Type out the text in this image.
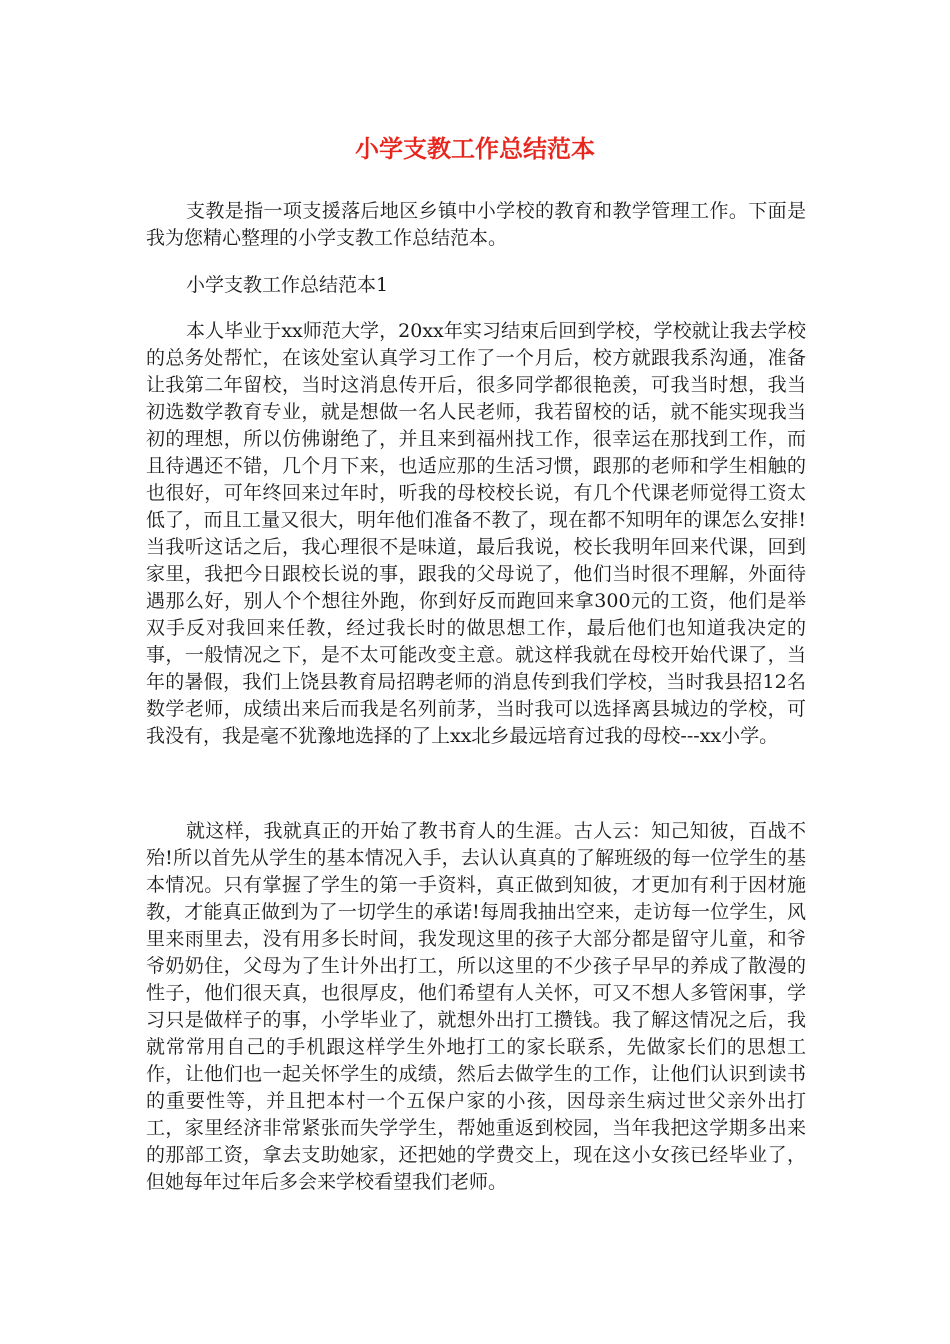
小学支教工作总结范本

支教是指一项支援落后地区乡镇中小学校的教育和教学管理工作。下面是我为您精心整理的小学支教工作总结范本。

小学支教工作总结范本1

本人毕业于xx师范大学，20xx年实习结束后回到学校，学校就让我去学校的总务处帮忙，在该处室认真学习工作了一个月后，校方就跟我系沟通，准备让我第二年留校，当时这消息传开后，很多同学都很艳羡，可我当时想，我当初选数学教育专业，就是想做一名人民老师，我若留校的话，就不能实现我当初的理想，所以仿佛谢绝了，并且来到福州找工作，很幸运在那找到工作，而且待遇还不错，几个月下来，也适应那的生活习惯，跟那的老师和学生相触的也很好，可年终回来过年时，听我的母校校长说，有几个代课老师觉得工资太低了，而且工量又很大，明年他们准备不教了，现在都不知明年的课怎么安排!当我听这话之后，我心理很不是味道，最后我说，校长我明年回来代课，回到家里，我把今日跟校长说的事，跟我的父母说了，他们当时很不理解，外面待遇那么好，别人个个想往外跑，你到好反而跑回来拿300元的工资，他们是举双手反对我回来任教，经过我长时的做思想工作，最后他们也知道我决定的事，一般情况之下，是不太可能改变主意。就这样我就在母校开始代课了，当年的暑假，我们上饶县教育局招聘老师的消息传到我们学校，当时我县招12名数学老师，成绩出来后而我是名列前茅，当时我可以选择离县城边的学校，可我没有，我是毫不犹豫地选择的了上xx北乡最远培育过我的母校---xx小学。

就这样，我就真正的开始了教书育人的生涯。古人云：知己知彼，百战不殆!所以首先从学生的基本情况入手，去认认真真的了解班级的每一位学生的基本情况。只有掌握了学生的第一手资料，真正做到知彼，才更加有利于因材施教，才能真正做到为了一切学生的承诺!每周我抽出空来，走访每一位学生，风里来雨里去，没有用多长时间，我发现这里的孩子大部分都是留守儿童，和爷爷奶奶住，父母为了生计外出打工，所以这里的不少孩子早早的养成了散漫的性子，他们很天真，也很厚皮，他们希望有人关怀，可又不想人多管闲事，学习只是做样子的事，小学毕业了，就想外出打工攒钱。我了解这情况之后，我就常常用自己的手机跟这样学生外地打工的家长联系，先做家长们的思想工作，让他们也一起关怀学生的成绩，然后去做学生的工作，让他们认识到读书的重要性等，并且把本村一个五保户家的小孩，因母亲生病过世父亲外出打工，家里经济非常紧张而失学学生，帮她重返到校园，当年我把这学期多出来的那部工资，拿去支助她家，还把她的学费交上，现在这小女孩已经毕业了，但她每年过年后多会来学校看望我们老师。
